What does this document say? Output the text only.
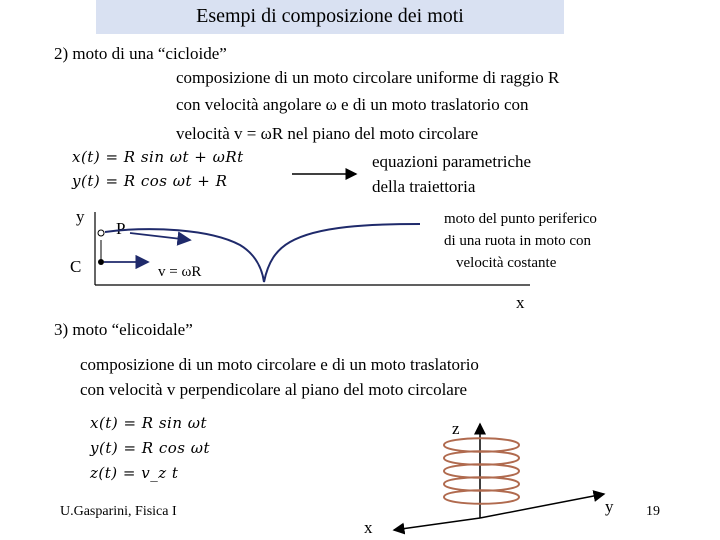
Esempi di composizione dei moti
2) moto di una “cicloide”
composizione di un moto circolare uniforme di raggio R
con velocità angolare ω e di un moto traslatorio con
velocità v = ωR nel piano del moto circolare
x(t) = R sin ωt + ωRt
y(t) = R cos ωt + R
equazioni parametriche
della traiettoria
moto del punto periferico
di una ruota in moto con
velocità costante
y
P
C	v = ωR
x
3) moto “elicoidale”
composizione di un moto circolare e di un moto traslatorio
con velocità v perpendicolare al piano del moto circolare
x(t) = R sin ωt
y(t) = R cos ωt
z(t) = v_z t
z
y
x
U.Gasparini, Fisica I	19
